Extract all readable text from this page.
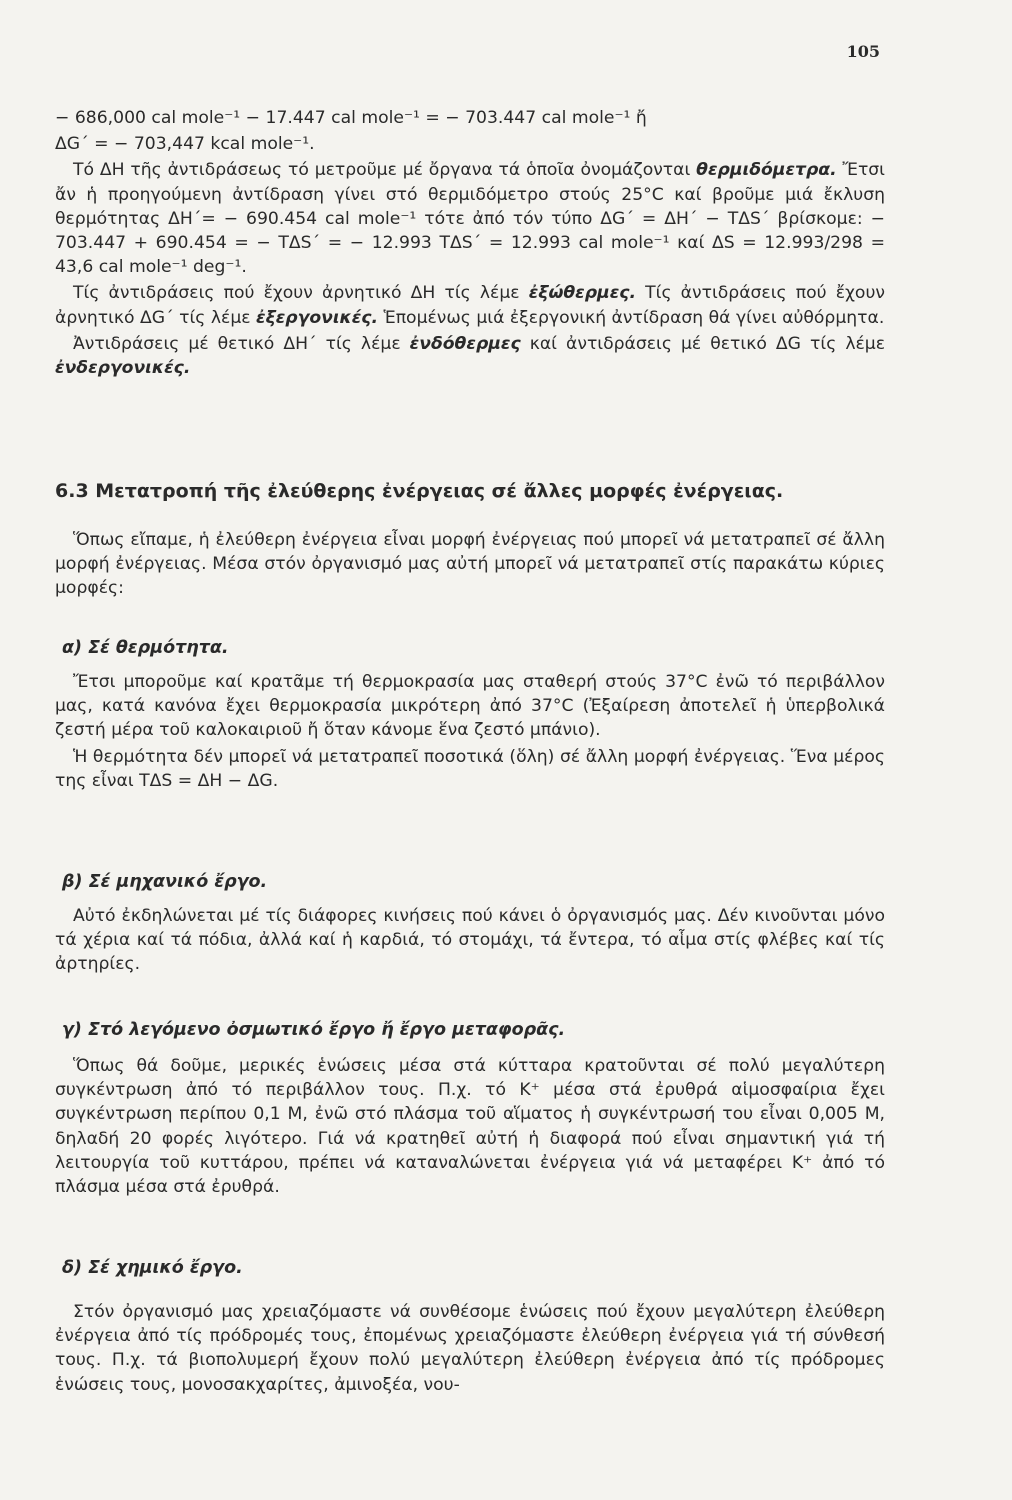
105

− 686,000 cal mole⁻¹ − 17.447 cal mole⁻¹ = − 703.447 cal mole⁻¹ ἤ

ΔG΄ = − 703,447 kcal mole⁻¹.

Τό ΔΗ τῆς ἀντιδράσεως τό μετροῦμε μέ ὄργανα τά ὁποῖα ὀνομάζονται θερμιδόμετρα. Ἔτσι ἄν ἡ προηγούμενη ἀντίδραση γίνει στό θερμιδόμετρο στούς 25°C καί βροῦμε μιά ἔκλυση θερμότητας ΔΗ΄= − 690.454 cal mole⁻¹ τότε ἀπό τόν τύπο ΔG΄ = ΔΗ΄ − ΤΔS΄ βρίσκομε: − 703.447 + 690.454 = − ΤΔS΄ = − 12.993 ΤΔS΄ = 12.993 cal mole⁻¹ καί ΔS = 12.993/298 = 43,6 cal mole⁻¹ deg⁻¹.

Τίς ἀντιδράσεις πού ἔχουν ἀρνητικό ΔΗ τίς λέμε ἐξώθερμες. Τίς ἀντιδράσεις πού ἔχουν ἀρνητικό ΔG΄ τίς λέμε ἐξεργονικές. Ἑπομένως μιά ἐξεργονική ἀντίδραση θά γίνει αὐθόρμητα.

Ἀντιδράσεις μέ θετικό ΔΗ΄ τίς λέμε ἐνδόθερμες καί ἀντιδράσεις μέ θετικό ΔG τίς λέμε ἐνδεργονικές.

6.3 Μετατροπή τῆς ἐλεύθερης ἐνέργειας σέ ἄλλες μορφές ἐνέργειας.

Ὅπως εἴπαμε, ἡ ἐλεύθερη ἐνέργεια εἶναι μορφή ἐνέργειας πού μπορεῖ νά μετατραπεῖ σέ ἄλλη μορφή ἐνέργειας. Μέσα στόν ὀργανισμό μας αὐτή μπορεῖ νά μετατραπεῖ στίς παρακάτω κύριες μορφές:

α) Σέ θερμότητα.

Ἔτσι μποροῦμε καί κρατᾶμε τή θερμοκρασία μας σταθερή στούς 37°C ἐνῶ τό περιβάλλον μας, κατά κανόνα ἔχει θερμοκρασία μικρότερη ἀπό 37°C (Ἐξαίρεση ἀποτελεῖ ἡ ὑπερβολικά ζεστή μέρα τοῦ καλοκαιριοῦ ἤ ὅταν κάνομε ἕνα ζεστό μπάνιο).

Ἡ θερμότητα δέν μπορεῖ νά μετατραπεῖ ποσοτικά (ὅλη) σέ ἄλλη μορφή ἐνέργειας. Ἕνα μέρος της εἶναι ΤΔS = ΔΗ − ΔG.

β) Σέ μηχανικό ἔργο.

Αὐτό ἐκδηλώνεται μέ τίς διάφορες κινήσεις πού κάνει ὁ ὀργανισμός μας. Δέν κινοῦνται μόνο τά χέρια καί τά πόδια, ἀλλά καί ἡ καρδιά, τό στομάχι, τά ἔντερα, τό αἷμα στίς φλέβες καί τίς ἀρτηρίες.

γ) Στό λεγόμενο ὀσμωτικό ἔργο ἤ ἔργο μεταφορᾶς.

Ὅπως θά δοῦμε, μερικές ἑνώσεις μέσα στά κύτταρα κρατοῦνται σέ πολύ μεγαλύτερη συγκέντρωση ἀπό τό περιβάλλον τους. Π.χ. τό Κ⁺ μέσα στά ἐρυθρά αἱμοσφαίρια ἔχει συγκέντρωση περίπου 0,1 Μ, ἐνῶ στό πλάσμα τοῦ αἵματος ἡ συγκέντρωσή του εἶναι 0,005 Μ, δηλαδή 20 φορές λιγότερο. Γιά νά κρατηθεῖ αὐτή ἡ διαφορά πού εἶναι σημαντική γιά τή λειτουργία τοῦ κυττάρου, πρέπει νά καταναλώνεται ἐνέργεια γιά νά μεταφέρει Κ⁺ ἀπό τό πλάσμα μέσα στά ἐρυθρά.

δ) Σέ χημικό ἔργο.

Στόν ὀργανισμό μας χρειαζόμαστε νά συνθέσομε ἑνώσεις πού ἔχουν μεγαλύτερη ἐλεύθερη ἐνέργεια ἀπό τίς πρόδρομές τους, ἐπομένως χρειαζόμαστε ἐλεύθερη ἐνέργεια γιά τή σύνθεσή τους. Π.χ. τά βιοπολυμερή ἔχουν πολύ μεγαλύτερη ἐλεύθερη ἐνέργεια ἀπό τίς πρόδρομες ἑνώσεις τους, μονοσακχαρίτες, ἀμινοξέα, νου-
